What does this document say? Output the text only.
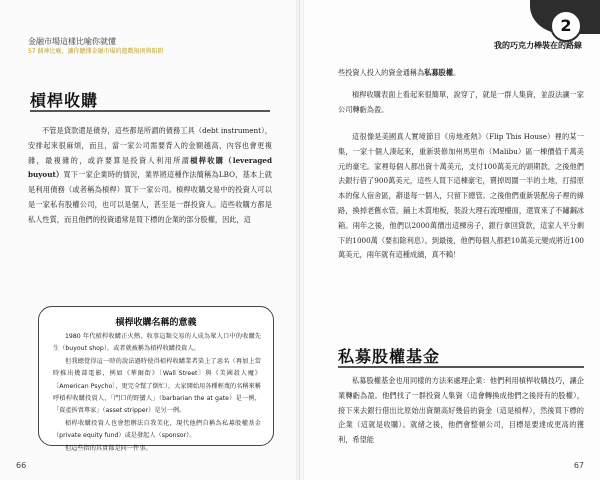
金融市場這樣比喻你就懂
57 個神比喻，讓你聽懂金融市場的遊戲規則與陷阱
槓桿收購
不管是貸款還是債券，這些都是所謂的債務工具（debt instrument），安排起來很麻煩，而且，當一家公司需要背入的金額越高，內容也會更複雜，最複雜的，或許要算是投資人利用所謂槓桿收購（leveraged buyout）買下一家企業時的情況，業界將這種作法簡稱為LBO，基本上就是利用債務（或者稱為槓桿）買下一家公司。槓桿收購交易中的投資人可以是一家私有股權公司，也可以是個人，甚至是一群投資人。這些收購方都是私人性質，而且他們的投資通常是買下標的企業的部分股權，因此，這
槓桿收購名稱的意義

1980 年代槓桿收購正火熱，收事這類交易的人成為眾人口中的收購先生（buyout shop），或者就被稱為槓桿收購投資人。

但我總覺得這一時的說法過時使得槓桿收購業者染上了惡名（再加上當時推出幾部電影，例如《華爾街》〔Wall Street〕與《美國殺人魔》〔American Psycho〕，更完全幫了倒忙），大家開始用各種輕蔑的名稱來稱呼槓桿收購投資人，「門口的野蠻人」（barbarian the at gate）是一例，「資產拆賣專家」（asset stripper）是另一例。

槓桿收購投資人也會想辦法自我美化，現代他們自稱為私募股權基金（private equity fund）或是發起人（sponsor）。

但這些指的其實都是同一件事。

66
2
我的巧克力棒裝在的路線
些投資人投入的資金通稱為私募股權。
槓桿收購表面上看起來很簡單，說穿了，就是一群人集資，並設法讓一家公司轉虧為盈。
這很像是美國真人實境節目《房地產熱》（Flip This House）裡的某一集，一家十個人湊起來，重新裝修加州馬里布（Malibu）區一棟價值千萬美元的豪宅。家裡每個人都出資十萬美元，支付100萬美元的頭期款，之後他們去銀行借了900萬美元，這些人買下這棟豪宅，賣掉周圍一半的土地，打掃原本的傢人宿舍區，辭退每一個人，只留下總管。之後他們重新裝配房子裡的線路，換掉老舊水管，鋪上木質地板，裝設大理石流理檯面，還買來了不鏽鋼冰箱。兩年之後，他們以2000萬價出這棟房子，銀行拿回貸款，這家人平分剩下的1000萬（要扣除利息）。到最後，他們每個人都把10萬美元變成將近100萬美元，兩年就有這種成績，真不賴！
私募股權基金
私募股權基金也用同樣的方法來處理企業：他們利用槓桿收購技巧，讓企業轉虧為盈。他們找了一群投資人集資（這會轉換成他們之後持有的股權），接下來去銀行借出比原始出資額高好幾倍的資金（這是槓桿），然後買下標的企業（這就是收購）。就緒之後，他們會整頓公司，目標是要達成更高的獲利，希望能
67
